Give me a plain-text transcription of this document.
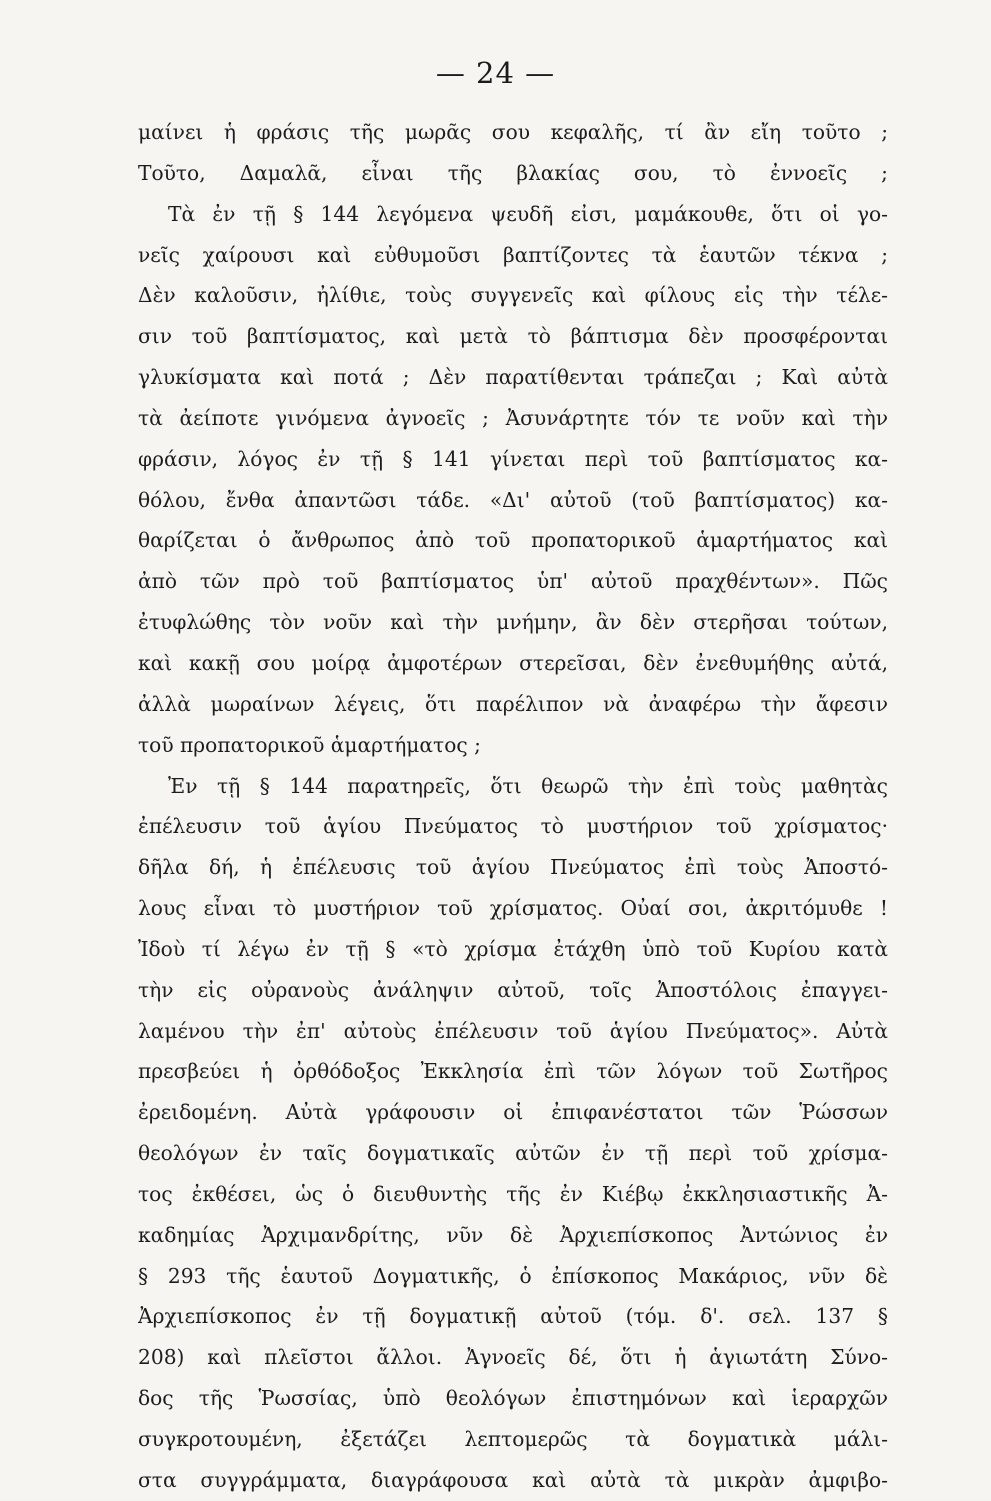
— 24 —
μαίνει ἡ φράσις τῆς μωρᾶς σου κεφαλῆς, τί ἂν εἴη τοῦτο ;
Τοῦτο, Δαμαλᾶ, εἶναι τῆς βλακίας σου, τὸ ἐννοεῖς ;
Τὰ ἐν τῇ § 144 λεγόμενα ψευδῆ εἰσι, μαμάκουθε, ὅτι οἱ γο-
νεῖς χαίρουσι καὶ εὐθυμοῦσι βαπτίζοντες τὰ ἑαυτῶν τέκνα ;
Δὲν καλοῦσιν, ἠλίθιε, τοὺς συγγενεῖς καὶ φίλους εἰς τὴν τέλε-
σιν τοῦ βαπτίσματος, καὶ μετὰ τὸ βάπτισμα δὲν προσφέρονται
γλυκίσματα καὶ ποτά ; Δὲν παρατίθενται τράπεζαι ; Καὶ αὐτὰ
τὰ ἀείποτε γινόμενα ἀγνοεῖς ; Ἀσυνάρτητε τόν τε νοῦν καὶ τὴν
φράσιν, λόγος ἐν τῇ § 141 γίνεται περὶ τοῦ βαπτίσματος κα-
θόλου, ἔνθα ἀπαντῶσι τάδε. «Δι' αὐτοῦ (τοῦ βαπτίσματος) κα-
θαρίζεται ὁ ἄνθρωπος ἀπὸ τοῦ προπατορικοῦ ἁμαρτήματος καὶ
ἀπὸ τῶν πρὸ τοῦ βαπτίσματος ὑπ' αὐτοῦ πραχθέντων». Πῶς
ἐτυφλώθης τὸν νοῦν καὶ τὴν μνήμην, ἂν δὲν στερῆσαι τούτων,
καὶ κακῇ σου μοίρᾳ ἀμφοτέρων στερεῖσαι, δὲν ἐνεθυμήθης αὐτά,
ἀλλὰ μωραίνων λέγεις, ὅτι παρέλιπον νὰ ἀναφέρω τὴν ἄφεσιν
τοῦ προπατορικοῦ ἁμαρτήματος ;
Ἐν τῇ § 144 παρατηρεῖς, ὅτι θεωρῶ τὴν ἐπὶ τοὺς μαθητὰς
ἐπέλευσιν τοῦ ἁγίου Πνεύματος τὸ μυστήριον τοῦ χρίσματος·
δῆλα δή, ἡ ἐπέλευσις τοῦ ἁγίου Πνεύματος ἐπὶ τοὺς Ἀποστό-
λους εἶναι τὸ μυστήριον τοῦ χρίσματος. Οὐαί σοι, ἀκριτόμυθε !
Ἰδοὺ τί λέγω ἐν τῇ § «τὸ χρίσμα ἐτάχθη ὑπὸ τοῦ Κυρίου κατὰ
τὴν εἰς οὐρανοὺς ἀνάληψιν αὐτοῦ, τοῖς Ἀποστόλοις ἐπαγγει-
λαμένου τὴν ἐπ' αὐτοὺς ἐπέλευσιν τοῦ ἁγίου Πνεύματος». Αὐτὰ
πρεσβεύει ἡ ὀρθόδοξος Ἐκκλησία ἐπὶ τῶν λόγων τοῦ Σωτῆρος
ἐρειδομένη. Αὐτὰ γράφουσιν οἱ ἐπιφανέστατοι τῶν Ῥώσσων
θεολόγων ἐν ταῖς δογματικαῖς αὐτῶν ἐν τῇ περὶ τοῦ χρίσμα-
τος ἐκθέσει, ὡς ὁ διευθυντὴς τῆς ἐν Κιέβῳ ἐκκλησιαστικῆς Ἀ-
καδημίας Ἀρχιμανδρίτης, νῦν δὲ Ἀρχιεπίσκοπος Ἀντώνιος ἐν
§ 293 τῆς ἑαυτοῦ Δογματικῆς, ὁ ἐπίσκοπος Μακάριος, νῦν δὲ
Ἀρχιεπίσκοπος ἐν τῇ δογματικῇ αὐτοῦ (τόμ. δ'. σελ. 137 §
208) καὶ πλεῖστοι ἄλλοι. Ἀγνοεῖς δέ, ὅτι ἡ ἁγιωτάτη Σύνο-
δος τῆς Ῥωσσίας, ὑπὸ θεολόγων ἐπιστημόνων καὶ ἱεραρχῶν
συγκροτουμένη, ἐξετάζει λεπτομερῶς τὰ δογματικὰ μάλι-
στα συγγράμματα, διαγράφουσα καὶ αὐτὰ τὰ μικρὰν ἀμφιβο-
